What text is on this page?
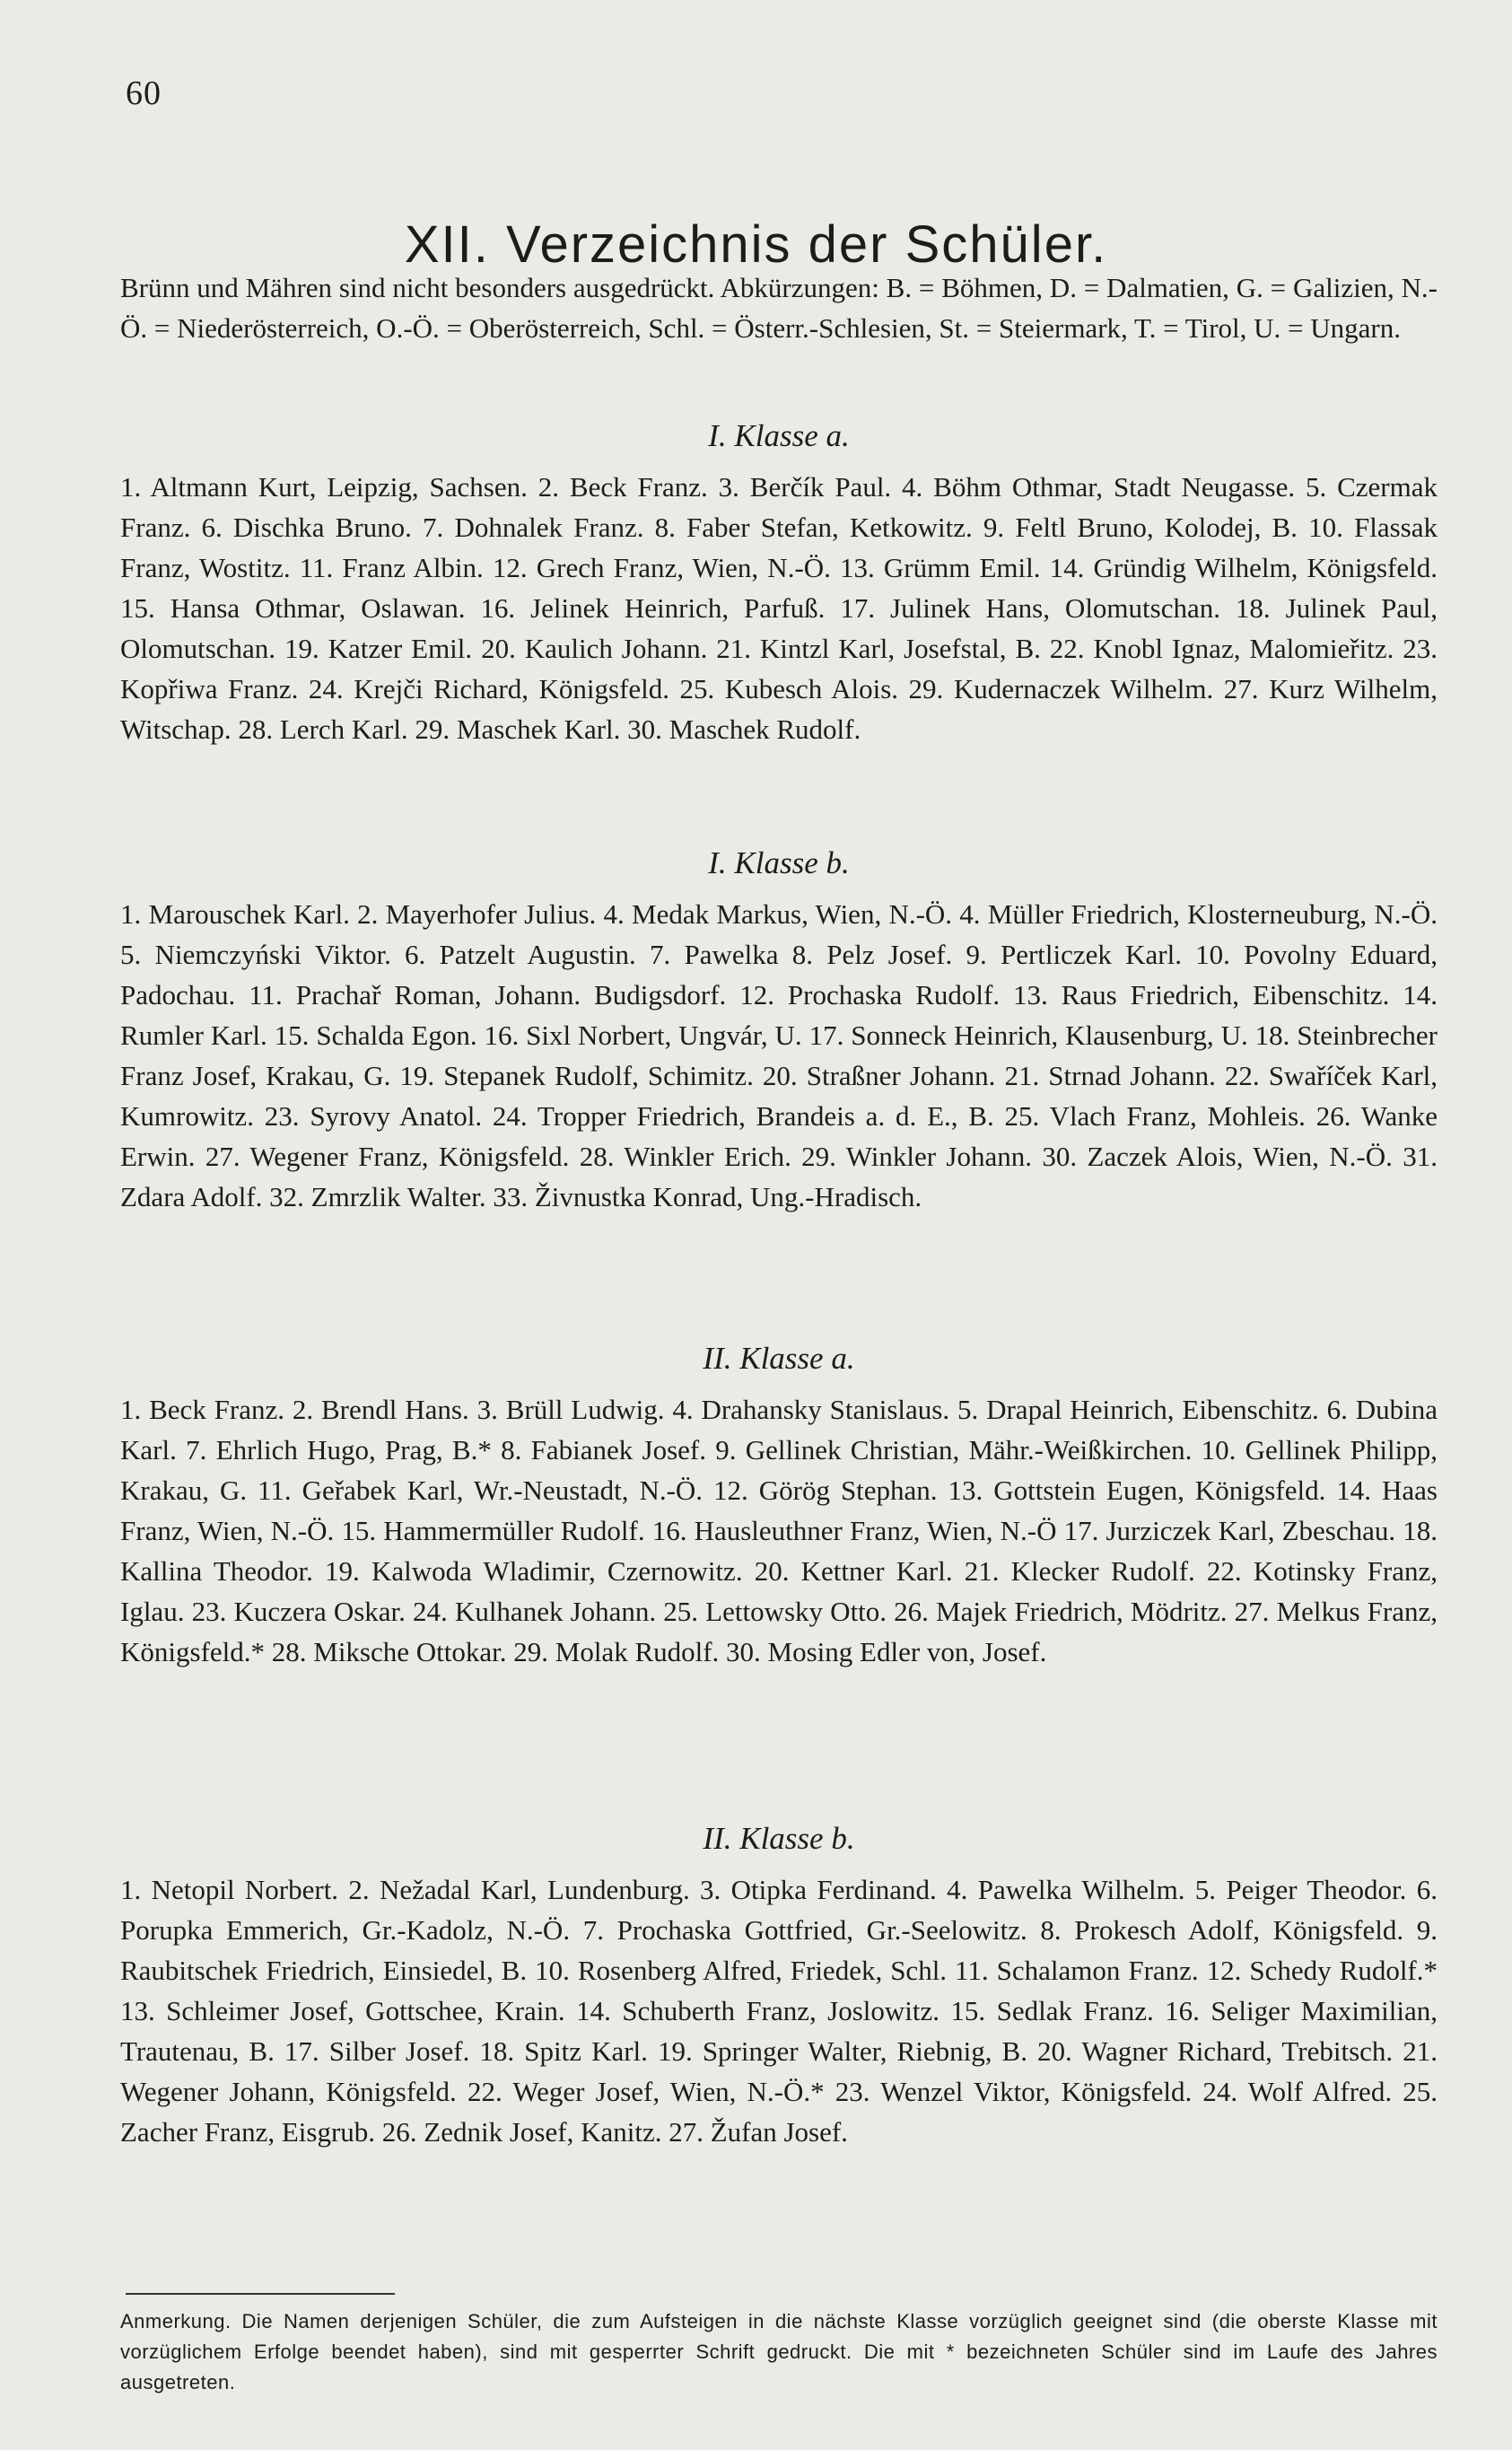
60
XII. Verzeichnis der Schüler.

Brünn und Mähren sind nicht besonders ausgedrückt. Abkürzungen: B. = Böhmen, D. = Dalmatien, G. = Galizien, N.-Ö. = Niederösterreich, O.-Ö. = Oberösterreich, Schl. = Österr.-Schlesien, St. = Steiermark, T. = Tirol, U. = Ungarn.

I. Klasse a.
1. Altmann Kurt, Leipzig, Sachsen. 2. Beck Franz. 3. Berčík Paul. 4. Böhm Othmar, Stadt Neugasse. 5. Czermak Franz. 6. Dischka Bruno. 7. Dohnalek Franz. 8. Faber Stefan, Ketkowitz. 9. Feltl Bruno, Kolodej, B. 10. Flassak Franz, Wostitz. 11. Franz Albin. 12. Grech Franz, Wien, N.-Ö. 13. Grümm Emil. 14. Gründig Wilhelm, Königsfeld. 15. Hansa Othmar, Oslawan. 16. Jelinek Heinrich, Parfuß. 17. Julinek Hans, Olomutschan. 18. Julinek Paul, Olomutschan. 19. Katzer Emil. 20. Kaulich Johann. 21. Kintzl Karl, Josefstal, B. 22. Knobl Ignaz, Malomieřitz. 23. Kopřiwa Franz. 24. Krejči Richard, Königsfeld. 25. Kubesch Alois. 29. Kudernaczek Wilhelm. 27. Kurz Wilhelm, Witschap. 28. Lerch Karl. 29. Maschek Karl. 30. Maschek Rudolf.
I. Klasse b.
1. Marouschek Karl. 2. Mayerhofer Julius. 4. Medak Markus, Wien, N.-Ö. 4. Müller Friedrich, Klosterneuburg, N.-Ö. 5. Niemczyński Viktor. 6. Patzelt Augustin. 7. Pawelka 8. Pelz Josef. 9. Pertliczek Karl. 10. Povolny Eduard, Padochau. 11. Prachař Roman, Johann. Budigsdorf. 12. Prochaska Rudolf. 13. Raus Friedrich, Eibenschitz. 14. Rumler Karl. 15. Schalda Egon. 16. Sixl Norbert, Ungvár, U. 17. Sonneck Heinrich, Klausenburg, U. 18. Steinbrecher Franz Josef, Krakau, G. 19. Stepanek Rudolf, Schimitz. 20. Straßner Johann. 21. Strnad Johann. 22. Swaříček Karl, Kumrowitz. 23. Syrovy Anatol. 24. Tropper Friedrich, Brandeis a. d. E., B. 25. Vlach Franz, Mohleis. 26. Wanke Erwin. 27. Wegener Franz, Königsfeld. 28. Winkler Erich. 29. Winkler Johann. 30. Zaczek Alois, Wien, N.-Ö. 31. Zdara Adolf. 32. Zmrzlik Walter. 33. Živnustka Konrad, Ung.-Hradisch.
II. Klasse a.
1. Beck Franz. 2. Brendl Hans. 3. Brüll Ludwig. 4. Drahansky Stanislaus. 5. Drapal Heinrich, Eibenschitz. 6. Dubina Karl. 7. Ehrlich Hugo, Prag, B.* 8. Fabianek Josef. 9. Gellinek Christian, Mähr.-Weißkirchen. 10. Gellinek Philipp, Krakau, G. 11. Geřabek Karl, Wr.-Neustadt, N.-Ö. 12. Görög Stephan. 13. Gottstein Eugen, Königsfeld. 14. Haas Franz, Wien, N.-Ö. 15. Hammermüller Rudolf. 16. Hausleuthner Franz, Wien, N.-Ö 17. Jurziczek Karl, Zbeschau. 18. Kallina Theodor. 19. Kalwoda Wladimir, Czernowitz. 20. Kettner Karl. 21. Klecker Rudolf. 22. Kotinsky Franz, Iglau. 23. Kuczera Oskar. 24. Kulhanek Johann. 25. Lettowsky Otto. 26. Majek Friedrich, Mödritz. 27. Melkus Franz, Königsfeld.* 28. Miksche Ottokar. 29. Molak Rudolf. 30. Mosing Edler von, Josef.
II. Klasse b.
1. Netopil Norbert. 2. Nežadal Karl, Lundenburg. 3. Otipka Ferdinand. 4. Pawelka Wilhelm. 5. Peiger Theodor. 6. Porupka Emmerich, Gr.-Kadolz, N.-Ö. 7. Prochaska Gottfried, Gr.-Seelowitz. 8. Prokesch Adolf, Königsfeld. 9. Raubitschek Friedrich, Einsiedel, B. 10. Rosenberg Alfred, Friedek, Schl. 11. Schalamon Franz. 12. Schedy Rudolf.* 13. Schleimer Josef, Gottschee, Krain. 14. Schuberth Franz, Joslowitz. 15. Sedlak Franz. 16. Seliger Maximilian, Trautenau, B. 17. Silber Josef. 18. Spitz Karl. 19. Springer Walter, Riebnig, B. 20. Wagner Richard, Trebitsch. 21. Wegener Johann, Königsfeld. 22. Weger Josef, Wien, N.-Ö.* 23. Wenzel Viktor, Königsfeld. 24. Wolf Alfred. 25. Zacher Franz, Eisgrub. 26. Zednik Josef, Kanitz. 27. Žufan Josef.

Anmerkung. Die Namen derjenigen Schüler, die zum Aufsteigen in die nächste Klasse vorzüglich geeignet sind (die oberste Klasse mit vorzüglichem Erfolge beendet haben), sind mit gesperrter Schrift gedruckt. Die mit * bezeichneten Schüler sind im Laufe des Jahres ausgetreten.
